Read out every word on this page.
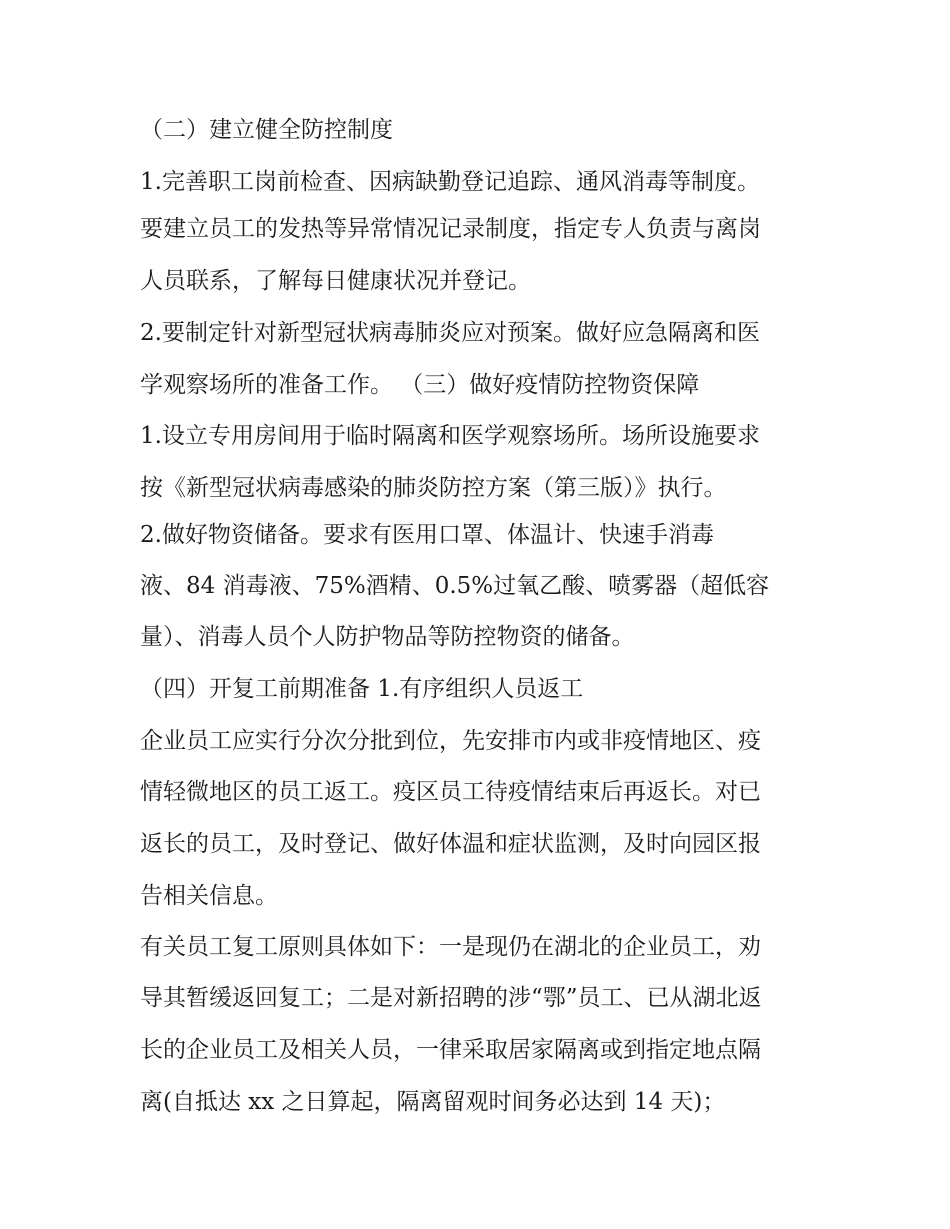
（二）建立健全防控制度
1.完善职工岗前检查、因病缺勤登记追踪、通风消毒等制度。
要建立员工的发热等异常情况记录制度，指定专人负责与离岗
人员联系，了解每日健康状况并登记。
2.要制定针对新型冠状病毒肺炎应对预案。做好应急隔离和医
学观察场所的准备工作。 （三）做好疫情防控物资保障
1.设立专用房间用于临时隔离和医学观察场所。场所设施要求
按《新型冠状病毒感染的肺炎防控方案（第三版）》执行。
2.做好物资储备。要求有医用口罩、体温计、快速手消毒
液、84 消毒液、75%酒精、0.5%过氧乙酸、喷雾器（超低容
量）、消毒人员个人防护物品等防控物资的储备。
（四）开复工前期准备 1.有序组织人员返工
企业员工应实行分次分批到位，先安排市内或非疫情地区、疫
情轻微地区的员工返工。疫区员工待疫情结束后再返长。对已
返长的员工，及时登记、做好体温和症状监测，及时向园区报
告相关信息。
有关员工复工原则具体如下：一是现仍在湖北的企业员工，劝
导其暂缓返回复工；二是对新招聘的涉“鄂”员工、已从湖北返
长的企业员工及相关人员，一律采取居家隔离或到指定地点隔
离(自抵达 xx 之日算起，隔离留观时间务必达到 14 天)；
